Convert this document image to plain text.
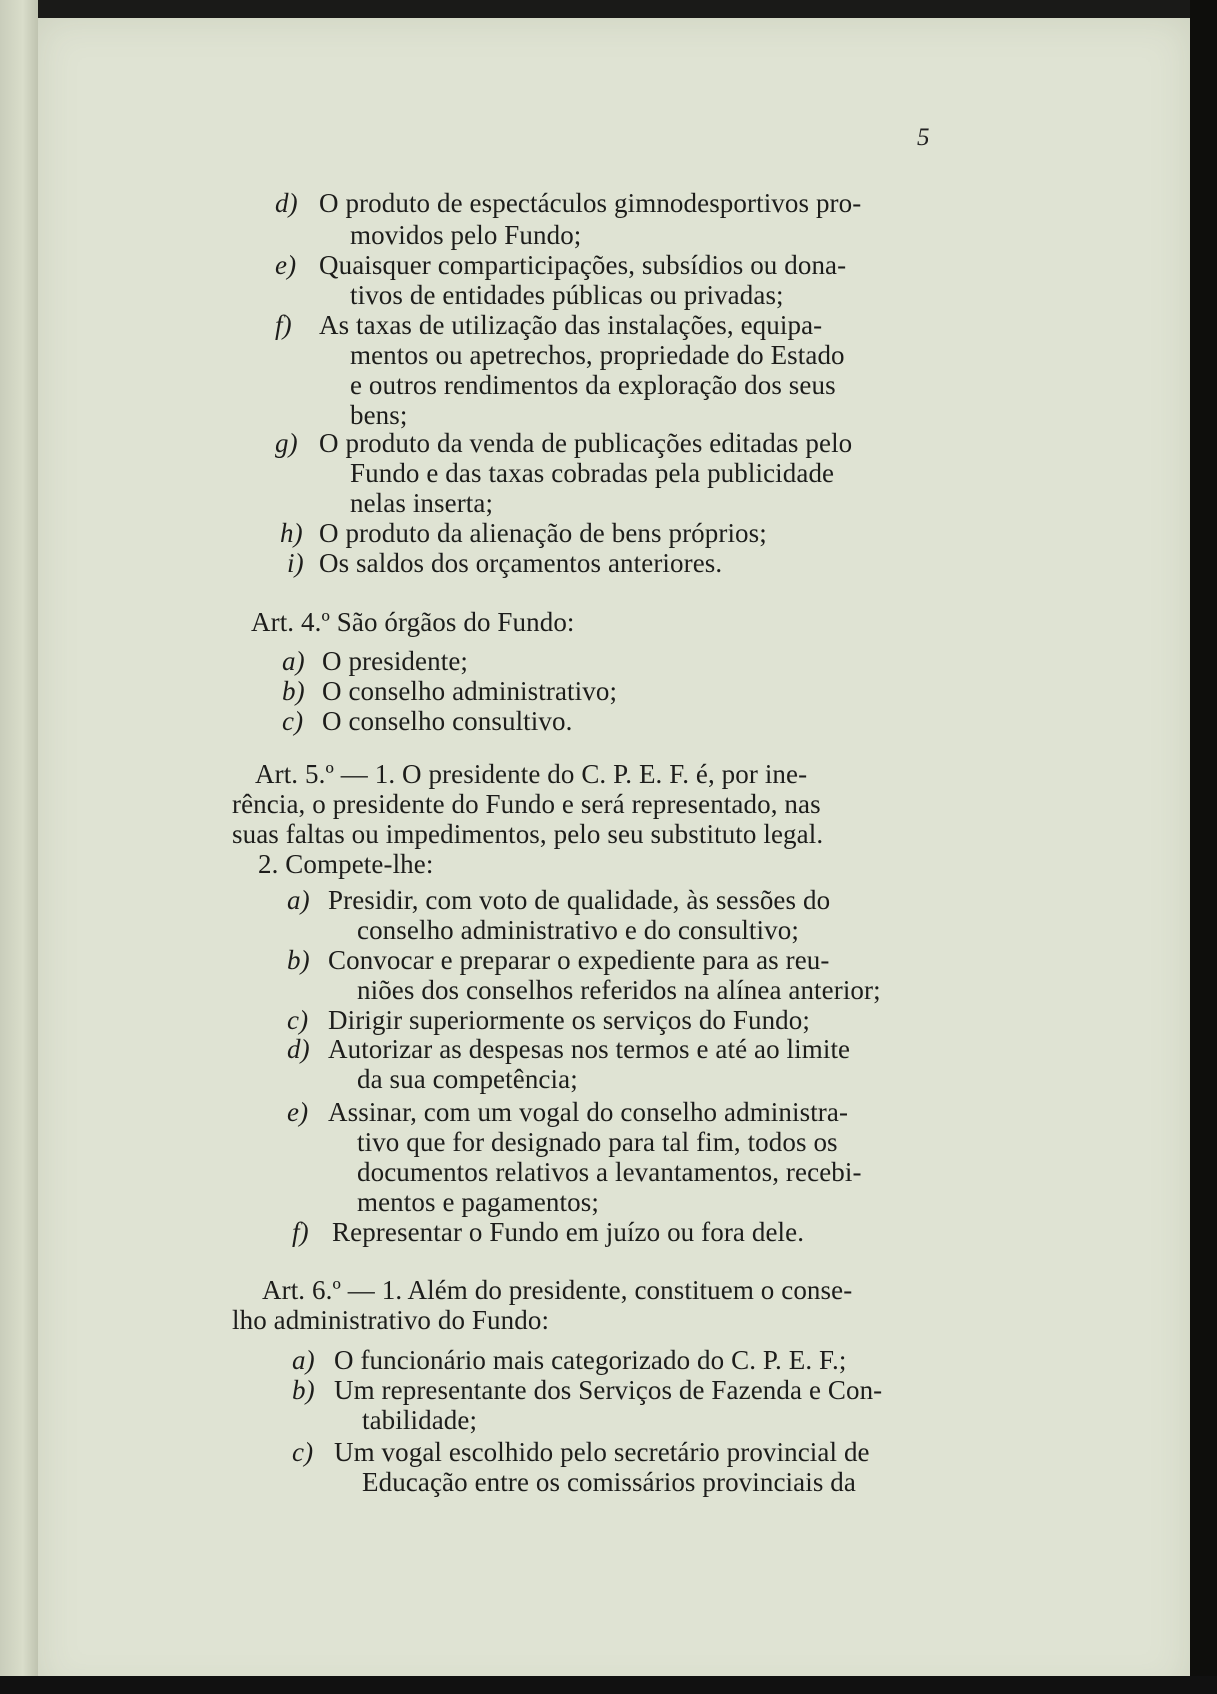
5
d) O produto de espectáculos gimnodesportivos pro-
movidos pelo Fundo;
e) Quaisquer comparticipações, subsídios ou dona-
tivos de entidades públicas ou privadas;
f) As taxas de utilização das instalações, equipa-
mentos ou apetrechos, propriedade do Estado
e outros rendimentos da exploração dos seus
bens;
g) O produto da venda de publicações editadas pelo
Fundo e das taxas cobradas pela publicidade
nelas inserta;
h) O produto da alienação de bens próprios;
i) Os saldos dos orçamentos anteriores.
Art. 4.º São órgãos do Fundo:
a) O presidente;
b) O conselho administrativo;
c) O conselho consultivo.
Art. 5.º — 1. O presidente do C. P. E. F. é, por ine-
rência, o presidente do Fundo e será representado, nas
suas faltas ou impedimentos, pelo seu substituto legal.
2. Compete-lhe:
a) Presidir, com voto de qualidade, às sessões do
conselho administrativo e do consultivo;
b) Convocar e preparar o expediente para as reu-
niões dos conselhos referidos na alínea anterior;
c) Dirigir superiormente os serviços do Fundo;
d) Autorizar as despesas nos termos e até ao limite
da sua competência;
e) Assinar, com um vogal do conselho administra-
tivo que for designado para tal fim, todos os
documentos relativos a levantamentos, recebi-
mentos e pagamentos;
f) Representar o Fundo em juízo ou fora dele.
Art. 6.º — 1. Além do presidente, constituem o conse-
lho administrativo do Fundo:
a) O funcionário mais categorizado do C. P. E. F.;
b) Um representante dos Serviços de Fazenda e Con-
tabilidade;
c) Um vogal escolhido pelo secretário provincial de
Educação entre os comissários provinciais da
